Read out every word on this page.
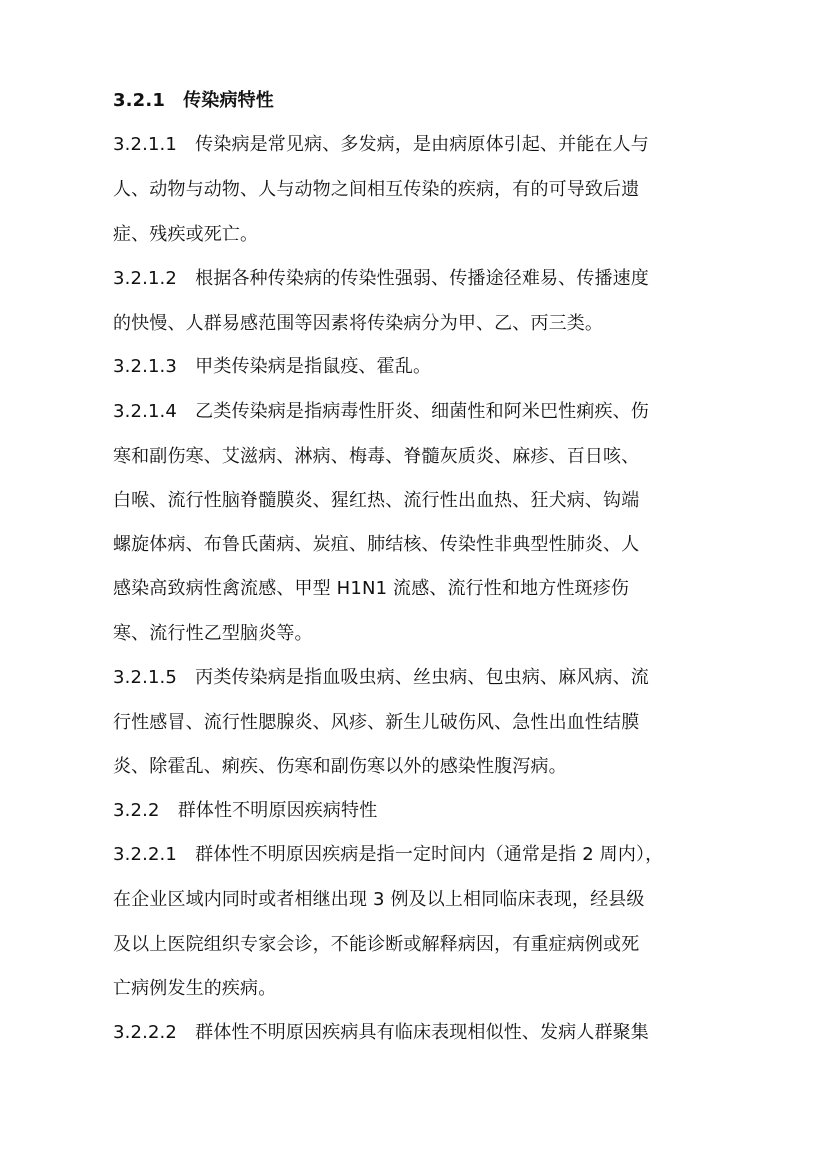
3.2.1　传染病特性
3.2.1.1　传染病是常见病、多发病，是由病原体引起、并能在人与
人、动物与动物、人与动物之间相互传染的疾病，有的可导致后遗
症、残疾或死亡。
3.2.1.2　根据各种传染病的传染性强弱、传播途径难易、传播速度
的快慢、人群易感范围等因素将传染病分为甲、乙、丙三类。
3.2.1.3　甲类传染病是指鼠疫、霍乱。
3.2.1.4　乙类传染病是指病毒性肝炎、细菌性和阿米巴性痢疾、伤
寒和副伤寒、艾滋病、淋病、梅毒、脊髓灰质炎、麻疹、百日咳、
白喉、流行性脑脊髓膜炎、猩红热、流行性出血热、狂犬病、钩端
螺旋体病、布鲁氏菌病、炭疽、肺结核、传染性非典型性肺炎、人
感染高致病性禽流感、甲型 H1N1 流感、流行性和地方性斑疹伤
寒、流行性乙型脑炎等。
3.2.1.5　丙类传染病是指血吸虫病、丝虫病、包虫病、麻风病、流
行性感冒、流行性腮腺炎、风疹、新生儿破伤风、急性出血性结膜
炎、除霍乱、痢疾、伤寒和副伤寒以外的感染性腹泻病。
3.2.2　群体性不明原因疾病特性
3.2.2.1　群体性不明原因疾病是指一定时间内（通常是指 2 周内），
在企业区域内同时或者相继出现 3 例及以上相同临床表现，经县级
及以上医院组织专家会诊，不能诊断或解释病因，有重症病例或死
亡病例发生的疾病。
3.2.2.2　群体性不明原因疾病具有临床表现相似性、发病人群聚集
